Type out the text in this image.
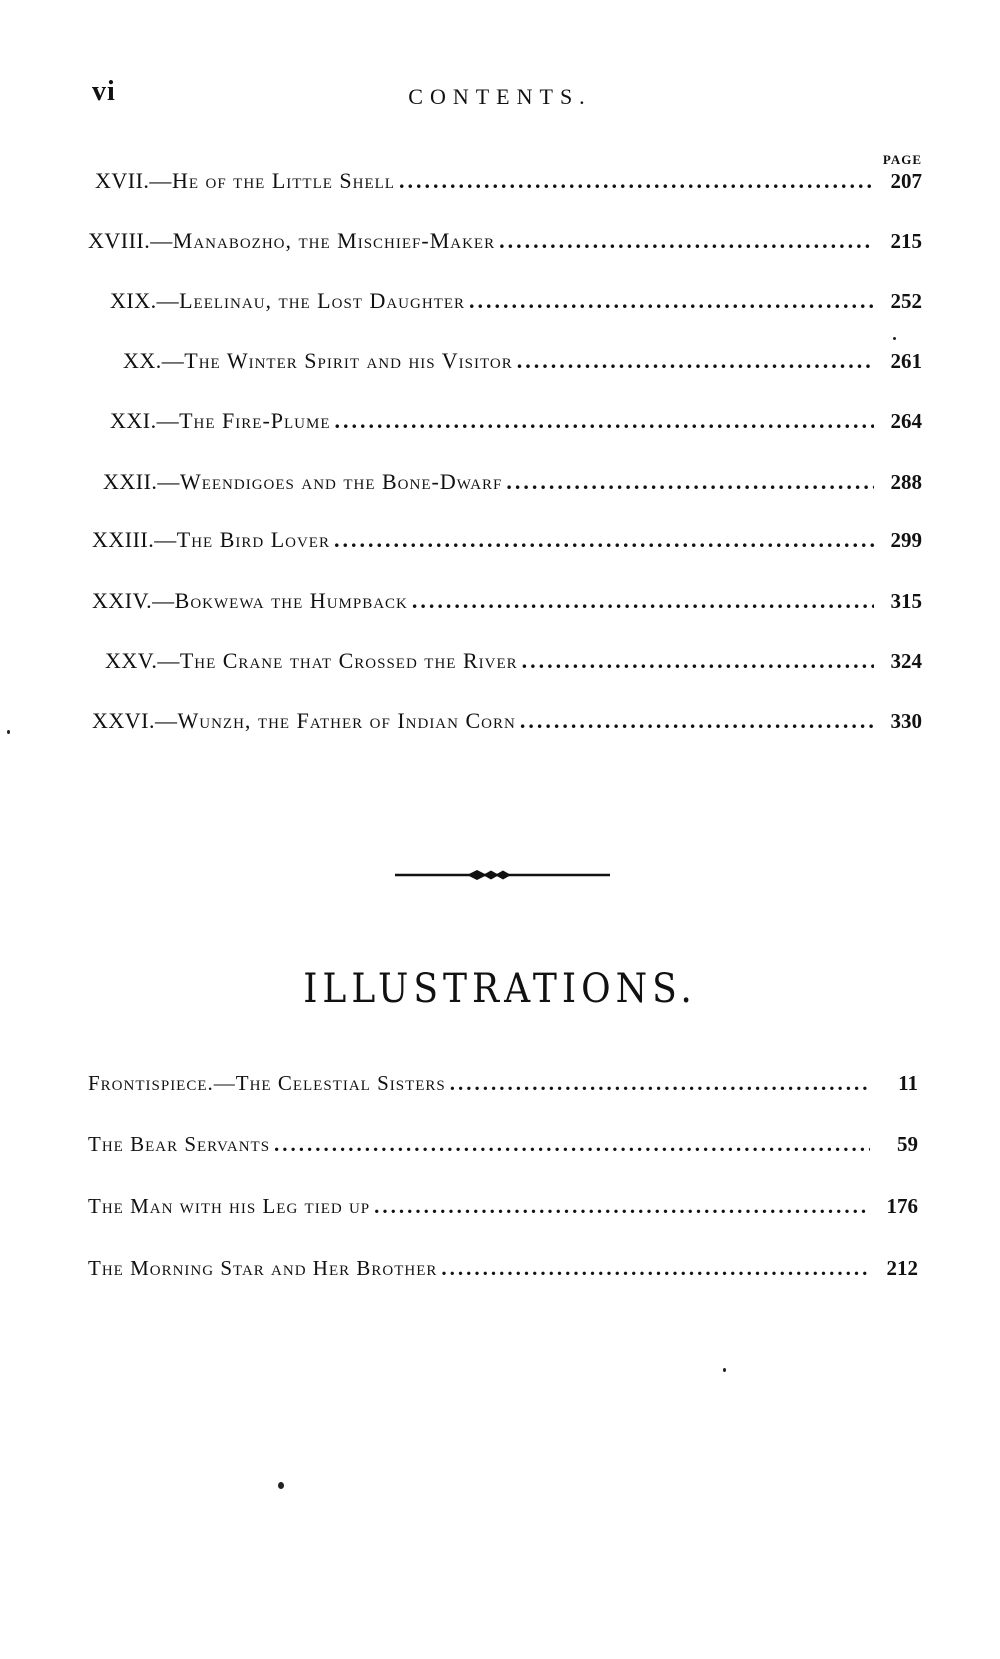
vi	CONTENTS.
PAGE
XVII.— He of the Little Shell .....	207
XVIII.— Manabozho, the Mischief-Maker .....	215
XIX.— Leelinau, the Lost Daughter .....	252
XX.— The Winter Spirit and his Visitor .....	261
XXI.— The Fire-Plume .....	264
XXII.— Weendigoes and the Bone-Dwarf .....	288
XXIII.— The Bird Lover .....	299
XXIV.— Bokwewa the Humpback .....	315
XXV.— The Crane that Crossed the River .....	324
XXVI.— Wunzh, the Father of Indian Corn .....	330
ILLUSTRATIONS.
Frontispiece.—The Celestial Sisters .....	11
The Bear Servants .....	59
The Man with his Leg tied up .....	176
The Morning Star and Her Brother .....	212
